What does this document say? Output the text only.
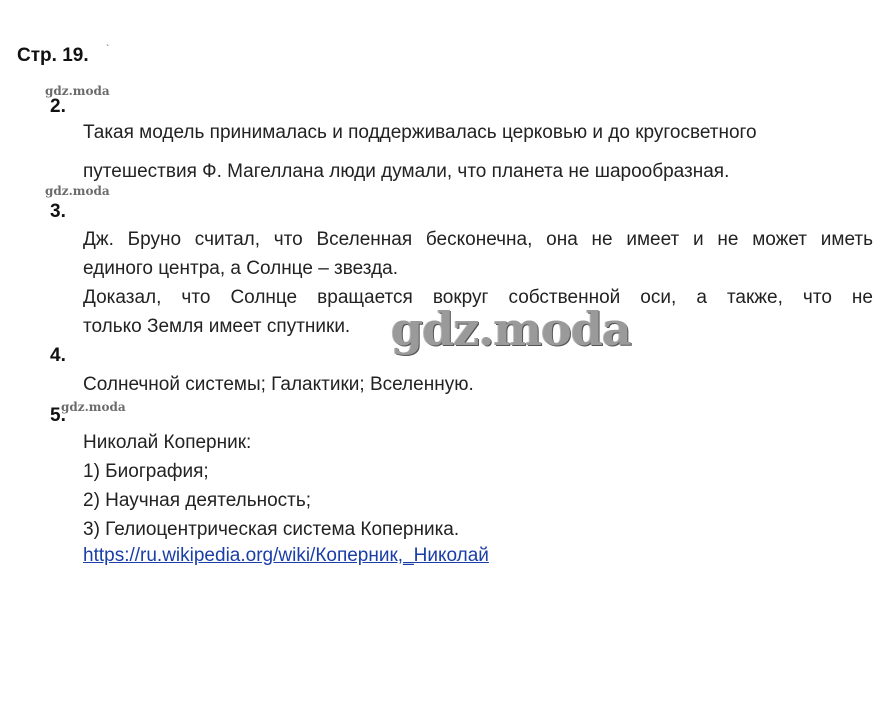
Стр. 19. `
gdz.moda
2.
Такая модель принималась и поддерживалась церковью и до кругосветного
путешествия Ф. Магеллана люди думали, что планета не шарообразная.
gdz.moda
3.
Дж. Бруно считал, что Вселенная бесконечна, она не имеет и не может иметь
единого центра, а Солнце – звезда.
Доказал, что Солнце вращается вокруг собственной оси, а также, что не
только Земля имеет спутники. gdz.moda
4.
Солнечной системы; Галактики; Вселенную.
5.
gdz.moda
Николай Коперник:
1) Биография;
2) Научная деятельность;
3) Гелиоцентрическая система Коперника.
https://ru.wikipedia.org/wiki/Коперник,_Николай
